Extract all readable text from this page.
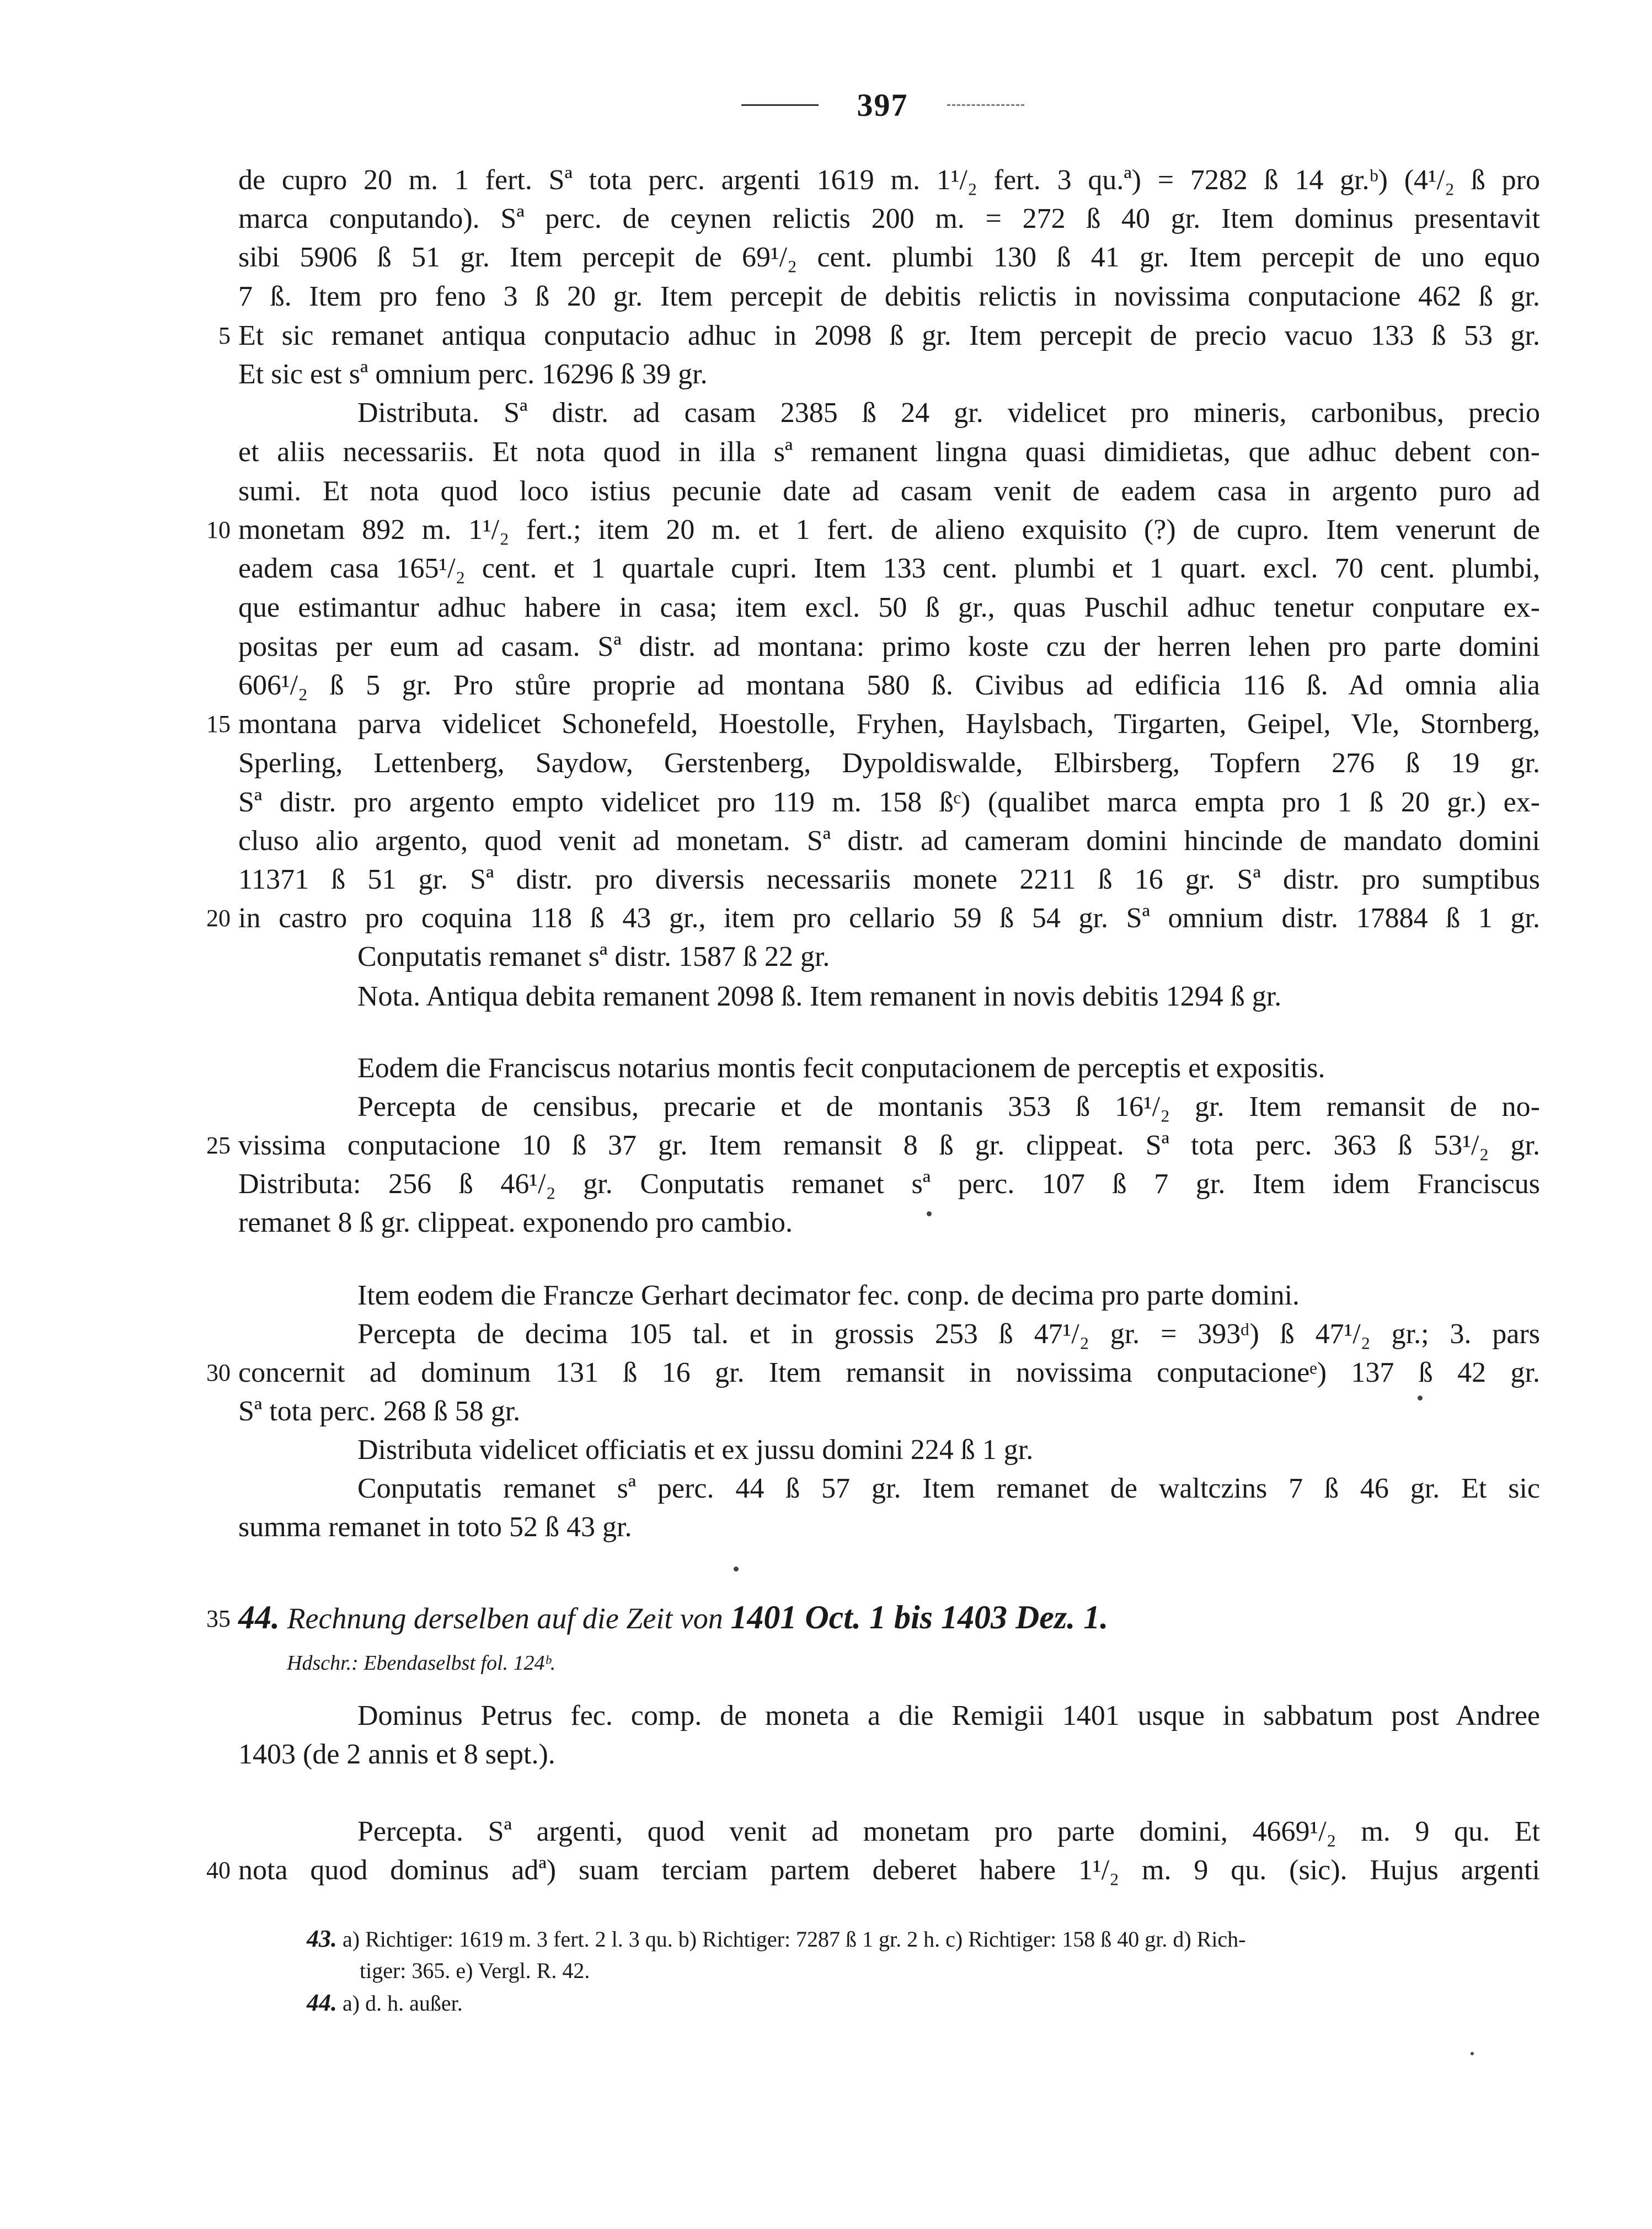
397
5
10
15
20
25
30
35
40
de cupro 20 m. 1 fert. Sª tota perc. argenti 1619 m. 1¹/₂ fert. 3 qu.ª) = 7282 ß 14 gr.ᵇ) (4¹/₂ ß pro
marca conputando). Sª perc. de ceynen relictis 200 m. = 272 ß 40 gr. Item dominus presentavit
sibi 5906 ß 51 gr. Item percepit de 69¹/₂ cent. plumbi 130 ß 41 gr. Item percepit de uno equo
7 ß. Item pro feno 3 ß 20 gr. Item percepit de debitis relictis in novissima conputacione 462 ß gr.
Et sic remanet antiqua conputacio adhuc in 2098 ß gr. Item percepit de precio vacuo 133 ß 53 gr.
Et sic est sª omnium perc. 16296 ß 39 gr.
Distributa. Sª distr. ad casam 2385 ß 24 gr. videlicet pro mineris, carbonibus, precio
et aliis necessariis. Et nota quod in illa sª remanent lingna quasi dimidietas, que adhuc debent con-
sumi. Et nota quod loco istius pecunie date ad casam venit de eadem casa in argento puro ad
monetam 892 m. 1¹/₂ fert.; item 20 m. et 1 fert. de alieno exquisito (?) de cupro. Item venerunt de
eadem casa 165¹/₂ cent. et 1 quartale cupri. Item 133 cent. plumbi et 1 quart. excl. 70 cent. plumbi,
que estimantur adhuc habere in casa; item excl. 50 ß gr., quas Puschil adhuc tenetur conputare ex-
positas per eum ad casam. Sª distr. ad montana: primo koste czu der herren lehen pro parte domini
606¹/₂ ß 5 gr. Pro stůre proprie ad montana 580 ß. Civibus ad edificia 116 ß. Ad omnia alia
montana parva videlicet Schonefeld, Hoestolle, Fryhen, Haylsbach, Tirgarten, Geipel, Vle, Stornberg,
Sperling, Lettenberg, Saydow, Gerstenberg, Dypoldiswalde, Elbirsberg, Topfern 276 ß 19 gr.
Sª distr. pro argento empto videlicet pro 119 m. 158 ßᶜ) (qualibet marca empta pro 1 ß 20 gr.) ex-
cluso alio argento, quod venit ad monetam. Sª distr. ad cameram domini hincinde de mandato domini
11371 ß 51 gr. Sª distr. pro diversis necessariis monete 2211 ß 16 gr. Sª distr. pro sumptibus
in castro pro coquina 118 ß 43 gr., item pro cellario 59 ß 54 gr. Sª omnium distr. 17884 ß 1 gr.
Conputatis remanet sª distr. 1587 ß 22 gr.
Nota. Antiqua debita remanent 2098 ß. Item remanent in novis debitis 1294 ß gr.
Eodem die Franciscus notarius montis fecit conputacionem de perceptis et expositis.
Percepta de censibus, precarie et de montanis 353 ß 16¹/₂ gr. Item remansit de no-
vissima conputacione 10 ß 37 gr. Item remansit 8 ß gr. clippeat. Sª tota perc. 363 ß 53¹/₂ gr.
Distributa: 256 ß 46¹/₂ gr. Conputatis remanet sª perc. 107 ß 7 gr. Item idem Franciscus
remanet 8 ß gr. clippeat. exponendo pro cambio.
Item eodem die Francze Gerhart decimator fec. conp. de decima pro parte domini.
Percepta de decima 105 tal. et in grossis 253 ß 47¹/₂ gr. = 393ᵈ) ß 47¹/₂ gr.; 3. pars
concernit ad dominum 131 ß 16 gr. Item remansit in novissima conputacioneᵉ) 137 ß 42 gr.
Sª tota perc. 268 ß 58 gr.
Distributa videlicet officiatis et ex jussu domini 224 ß 1 gr.
Conputatis remanet sª perc. 44 ß 57 gr. Item remanet de waltczins 7 ß 46 gr. Et sic
summa remanet in toto 52 ß 43 gr.
44. Rechnung derselben auf die Zeit von 1401 Oct. 1 bis 1403 Dez. 1.
Hdschr.: Ebendaselbst fol. 124ᵇ.
Dominus Petrus fec. comp. de moneta a die Remigii 1401 usque in sabbatum post Andree
1403 (de 2 annis et 8 sept.).
Percepta. Sª argenti, quod venit ad monetam pro parte domini, 4669¹/₂ m. 9 qu. Et
nota quod dominus adª) suam terciam partem deberet habere 1¹/₂ m. 9 qu. (sic). Hujus argenti
43. a) Richtiger: 1619 m. 3 fert. 2 l. 3 qu. b) Richtiger: 7287 ß 1 gr. 2 h. c) Richtiger: 158 ß 40 gr. d) Rich-
tiger: 365. e) Vergl. R. 42.
44. a) d. h. außer.
